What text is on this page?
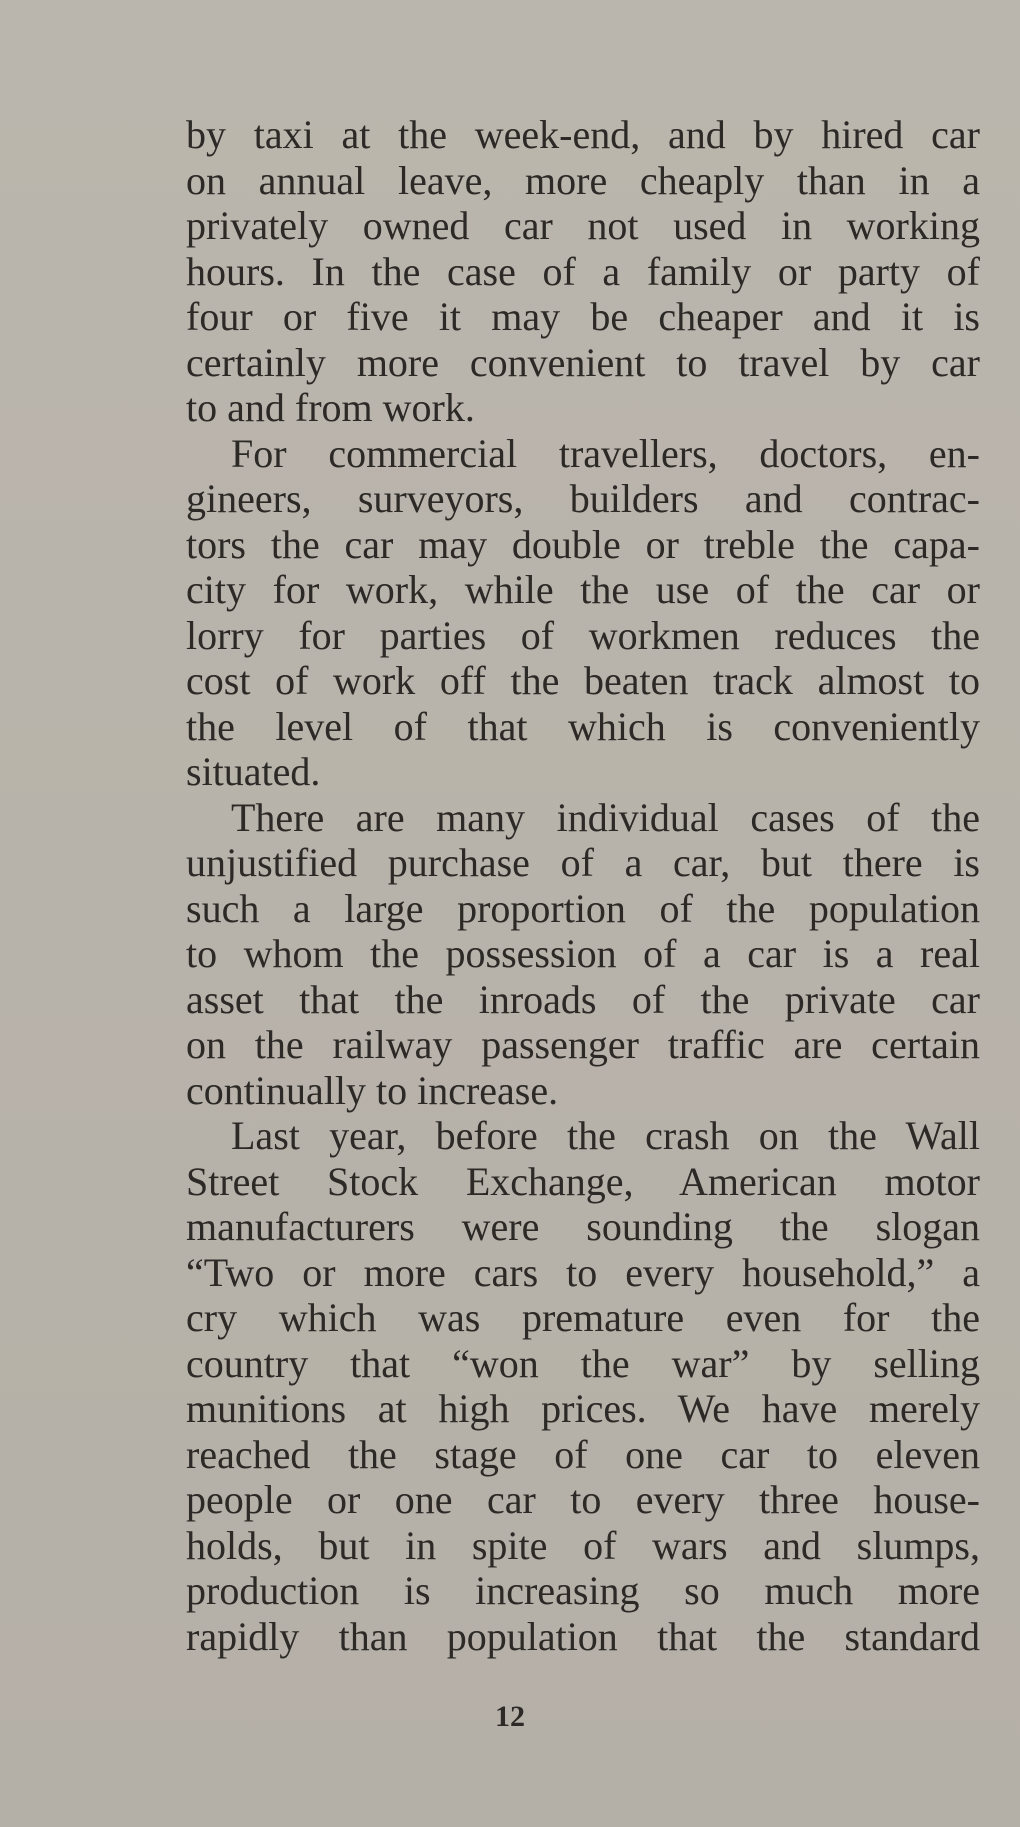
by taxi at the week-end, and by hired car
on annual leave, more cheaply than in a
privately owned car not used in working
hours. In the case of a family or party of
four or five it may be cheaper and it is
certainly more convenient to travel by car
to and from work.

For commercial travellers, doctors, en-
gineers, surveyors, builders and contrac-
tors the car may double or treble the capa-
city for work, while the use of the car or
lorry for parties of workmen reduces the
cost of work off the beaten track almost to
the level of that which is conveniently
situated.

There are many individual cases of the
unjustified purchase of a car, but there is
such a large proportion of the population
to whom the possession of a car is a real
asset that the inroads of the private car
on the railway passenger traffic are certain
continually to increase.

Last year, before the crash on the Wall
Street Stock Exchange, American motor
manufacturers were sounding the slogan
“Two or more cars to every household,” a
cry which was premature even for the
country that “won the war” by selling
munitions at high prices. We have merely
reached the stage of one car to eleven
people or one car to every three house-
holds, but in spite of wars and slumps,
production is increasing so much more
rapidly than population that the standard

12
